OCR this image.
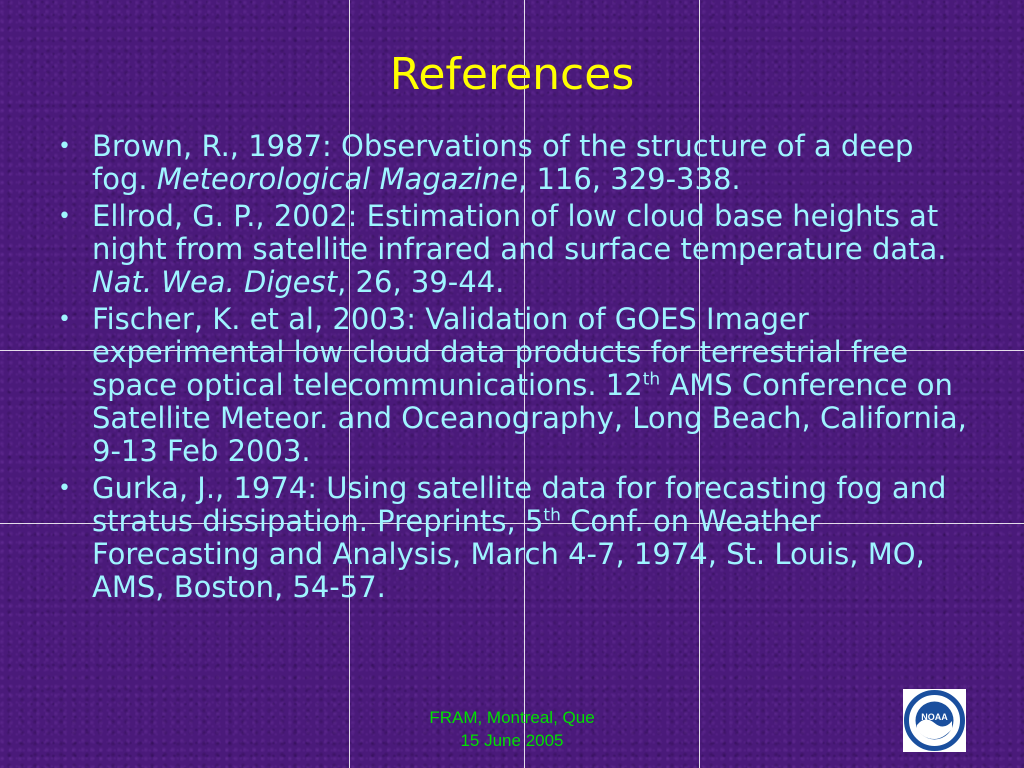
References
• Brown, R., 1987: Observations of the structure of a deep fog. Meteorological Magazine, 116, 329-338.
• Ellrod, G. P., 2002: Estimation of low cloud base heights at night from satellite infrared and surface temperature data. Nat. Wea. Digest, 26, 39-44.
• Fischer, K. et al, 2003: Validation of GOES Imager experimental low cloud data products for terrestrial free space optical telecommunications. 12th AMS Conference on Satellite Meteor. and Oceanography, Long Beach, California, 9-13 Feb 2003.
• Gurka, J., 1974: Using satellite data for forecasting fog and stratus dissipation. Preprints, 5th Conf. on Weather Forecasting and Analysis, March 4-7, 1974, St. Louis, MO, AMS, Boston, 54-57.
FRAM, Montreal, Que
15 June 2005
NOAA
